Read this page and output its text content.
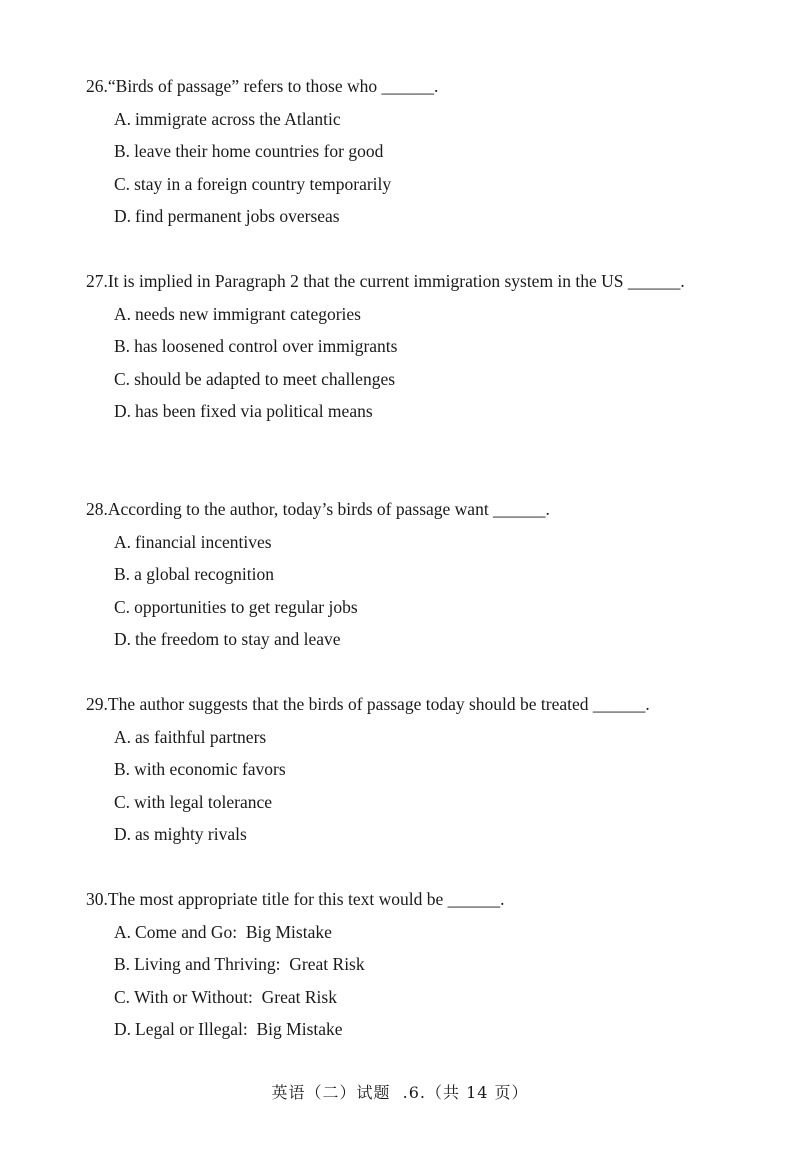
26. “Birds of passage” refers to those who ______.
A. immigrate across the Atlantic
B. leave their home countries for good
C. stay in a foreign country temporarily
D. find permanent jobs overseas
27. It is implied in Paragraph 2 that the current immigration system in the US ______.
A. needs new immigrant categories
B. has loosened control over immigrants
C. should be adapted to meet challenges
D. has been fixed via political means
28. According to the author, today’s birds of passage want ______.
A. financial incentives
B. a global recognition
C. opportunities to get regular jobs
D. the freedom to stay and leave
29. The author suggests that the birds of passage today should be treated ______.
A. as faithful partners
B. with economic favors
C. with legal tolerance
D. as mighty rivals
30. The most appropriate title for this text would be ______.
A. Come and Go:  Big Mistake
B. Living and Thriving:  Great Risk
C. With or Without:  Great Risk
D. Legal or Illegal:  Big Mistake
英语（二）试题  .6.（共 14 页）
